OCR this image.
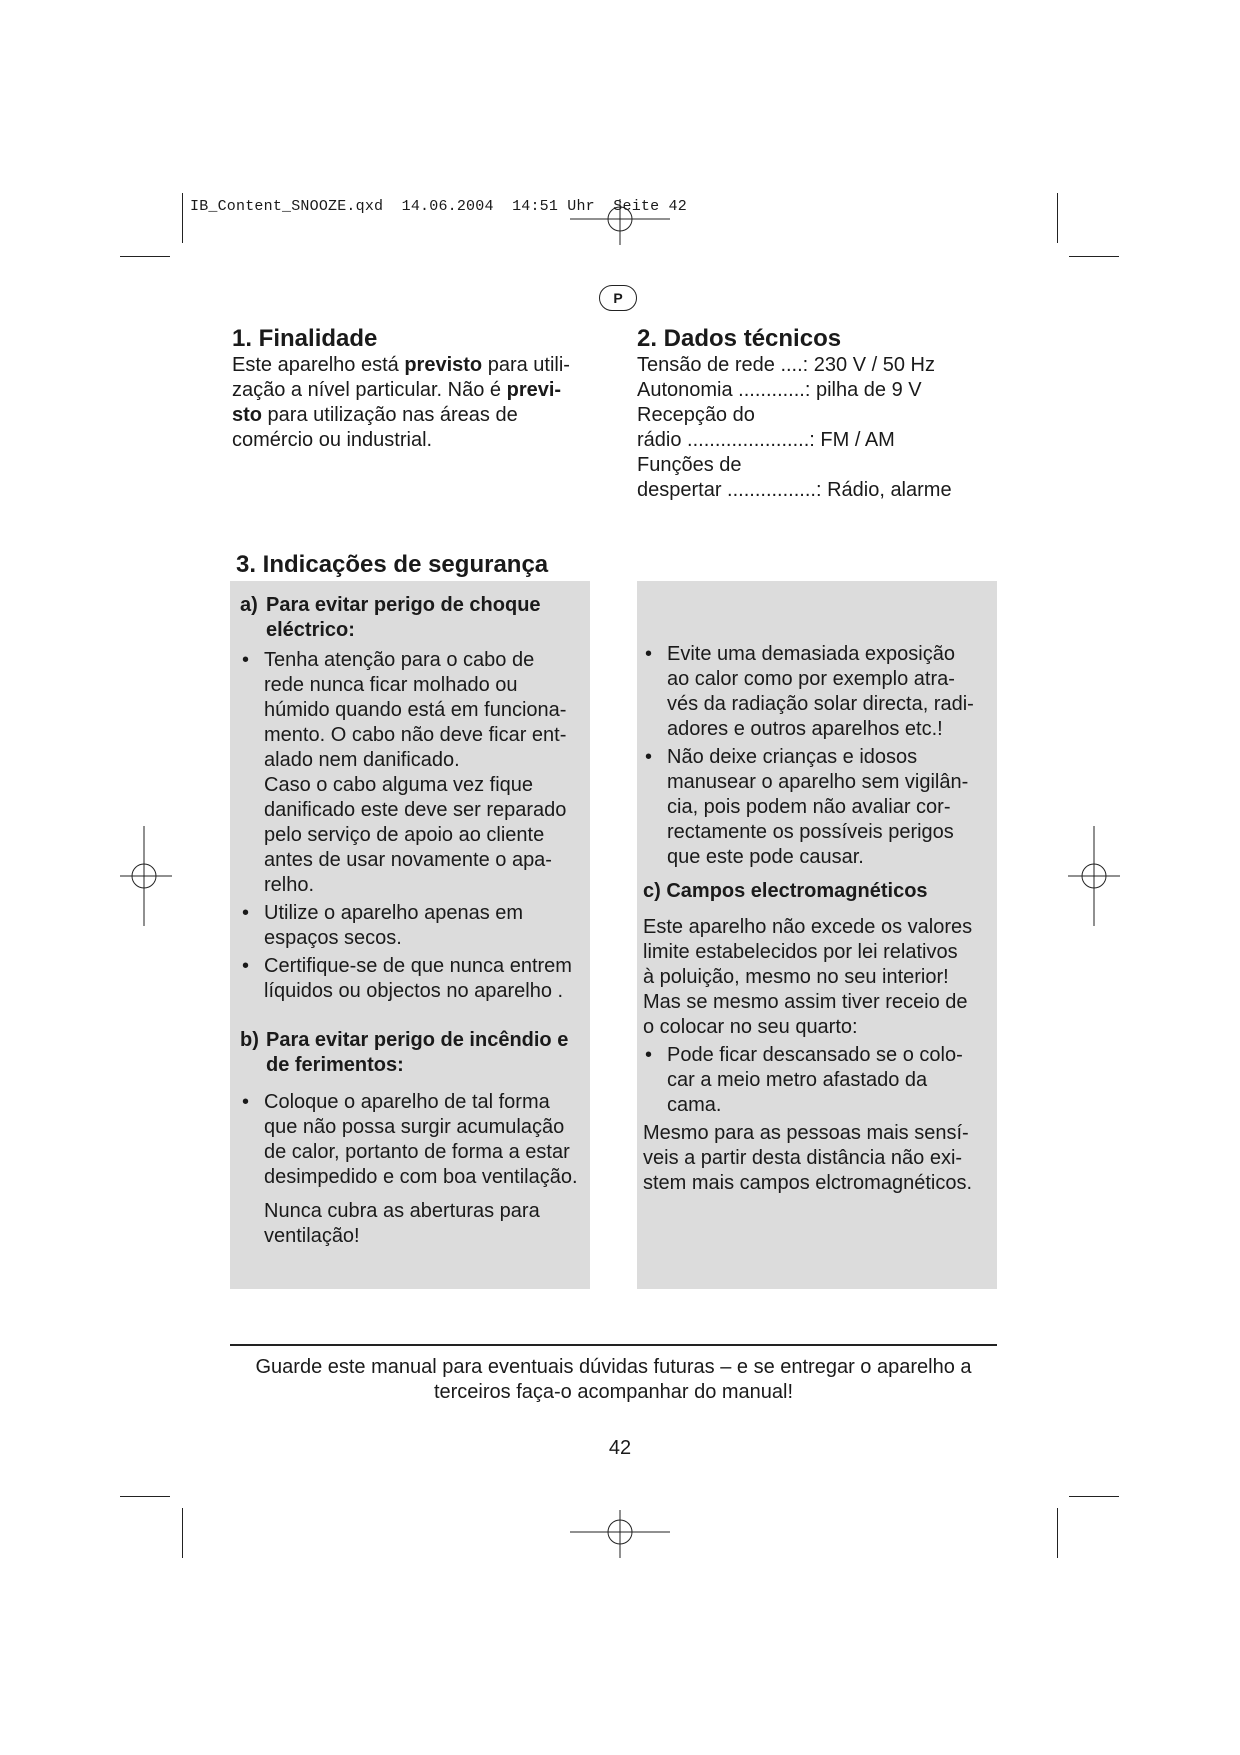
IB_Content_SNOOZE.qxd 14.06.2004 14:51 Uhr Seite 42
P
1. Finalidade
Este aparelho está previsto para utili-
zação a nível particular. Não é previ-
sto para utilização nas áreas de
comércio ou industrial.
2. Dados técnicos
Tensão de rede ....: 230 V / 50 Hz
Autonomia ............: pilha de 9 V
Recepção do
rádio ......................: FM / AM
Funções de
despertar ................: Rádio, alarme
3. Indicações de segurança
a) Para evitar perigo de choque
eléctrico:
• Tenha atenção para o cabo de
rede nunca ficar molhado ou
húmido quando está em funciona-
mento. O cabo não deve ficar ent-
alado nem danificado.
Caso o cabo alguma vez fique
danificado este deve ser reparado
pelo serviço de apoio ao cliente
antes de usar novamente o apa-
relho.
• Utilize o aparelho apenas em
espaços secos.
• Certifique-se de que nunca entrem
líquidos ou objectos no aparelho .
b) Para evitar perigo de incêndio e
de ferimentos:
• Coloque o aparelho de tal forma
que não possa surgir acumulação
de calor, portanto de forma a estar
desimpedido e com boa ventilação.
Nunca cubra as aberturas para
ventilação!
• Evite uma demasiada exposição
ao calor como por exemplo atra-
vés da radiação solar directa, radi-
adores e outros aparelhos etc.!
• Não deixe crianças e idosos
manusear o aparelho sem vigilân-
cia, pois podem não avaliar cor-
rectamente os possíveis perigos
que este pode causar.
c) Campos electromagnéticos
Este aparelho não excede os valores
limite estabelecidos por lei relativos
à poluição, mesmo no seu interior!
Mas se mesmo assim tiver receio de
o colocar no seu quarto:
• Pode ficar descansado se o colo-
car a meio metro afastado da
cama.
Mesmo para as pessoas mais sensí-
veis a partir desta distância não exi-
stem mais campos elctromagnéticos.
Guarde este manual para eventuais dúvidas futuras – e se entregar o aparelho a
terceiros faça-o acompanhar do manual!
42
